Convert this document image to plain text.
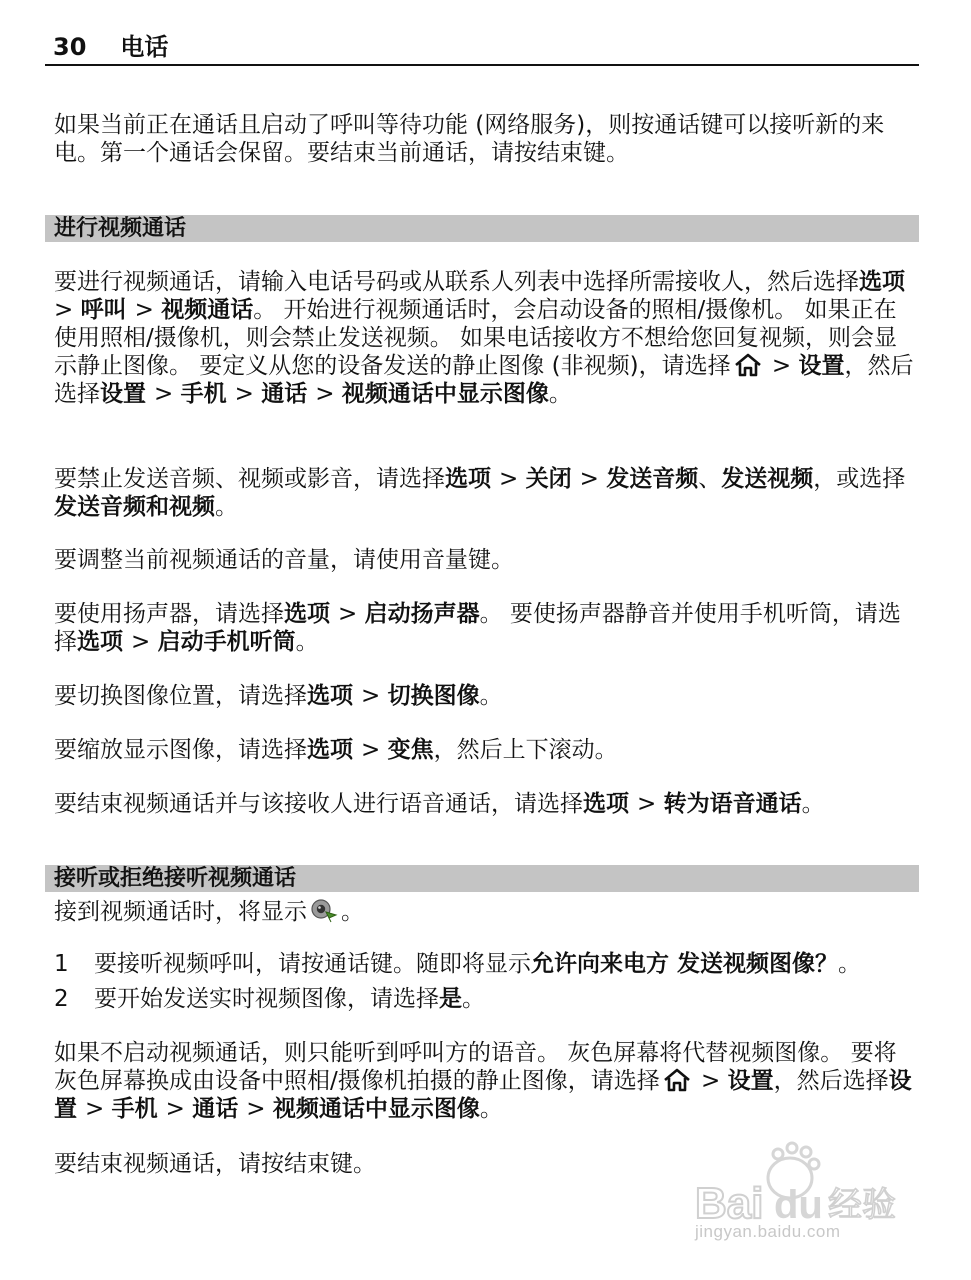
30 电话

如果当前正在通话且启动了呼叫等待功能 (网络服务)，则按通话键可以接听新的来电。第一个通话会保留。要结束当前通话，请按结束键。

进行视频通话

要进行视频通话，请输入电话号码或从联系人列表中选择所需接收人，然后选择选项 > 呼叫 > 视频通话。 开始进行视频通话时，会启动设备的照相/摄像机。 如果正在使用照相/摄像机，则会禁止发送视频。 如果电话接收方不想给您回复视频，则会显示静止图像。 要定义从您的设备发送的静止图像 (非视频)，请选择 > 设置，然后选择设置 > 手机 > 通话 > 视频通话中显示图像。

要禁止发送音频、视频或影音，请选择选项 > 关闭 > 发送音频、发送视频，或选择发送音频和视频。

要调整当前视频通话的音量，请使用音量键。

要使用扬声器，请选择选项 > 启动扬声器。 要使扬声器静音并使用手机听筒，请选择选项 > 启动手机听筒。

要切换图像位置，请选择选项 > 切换图像。

要缩放显示图像，请选择选项 > 变焦，然后上下滚动。

要结束视频通话并与该接收人进行语音通话，请选择选项 > 转为语音通话。

接听或拒绝接听视频通话

接到视频通话时，将显示 。

1 要接听视频呼叫，请按通话键。随即将显示允许向来电方 发送视频图像？。
2 要开始发送实时视频图像，请选择是。

如果不启动视频通话，则只能听到呼叫方的语音。 灰色屏幕将代替视频图像。 要将灰色屏幕换成由设备中照相/摄像机拍摄的静止图像，请选择 > 设置，然后选择设置 > 手机 > 通话 > 视频通话中显示图像。

要结束视频通话，请按结束键。

Bai du 经验
jingyan.baidu.com
